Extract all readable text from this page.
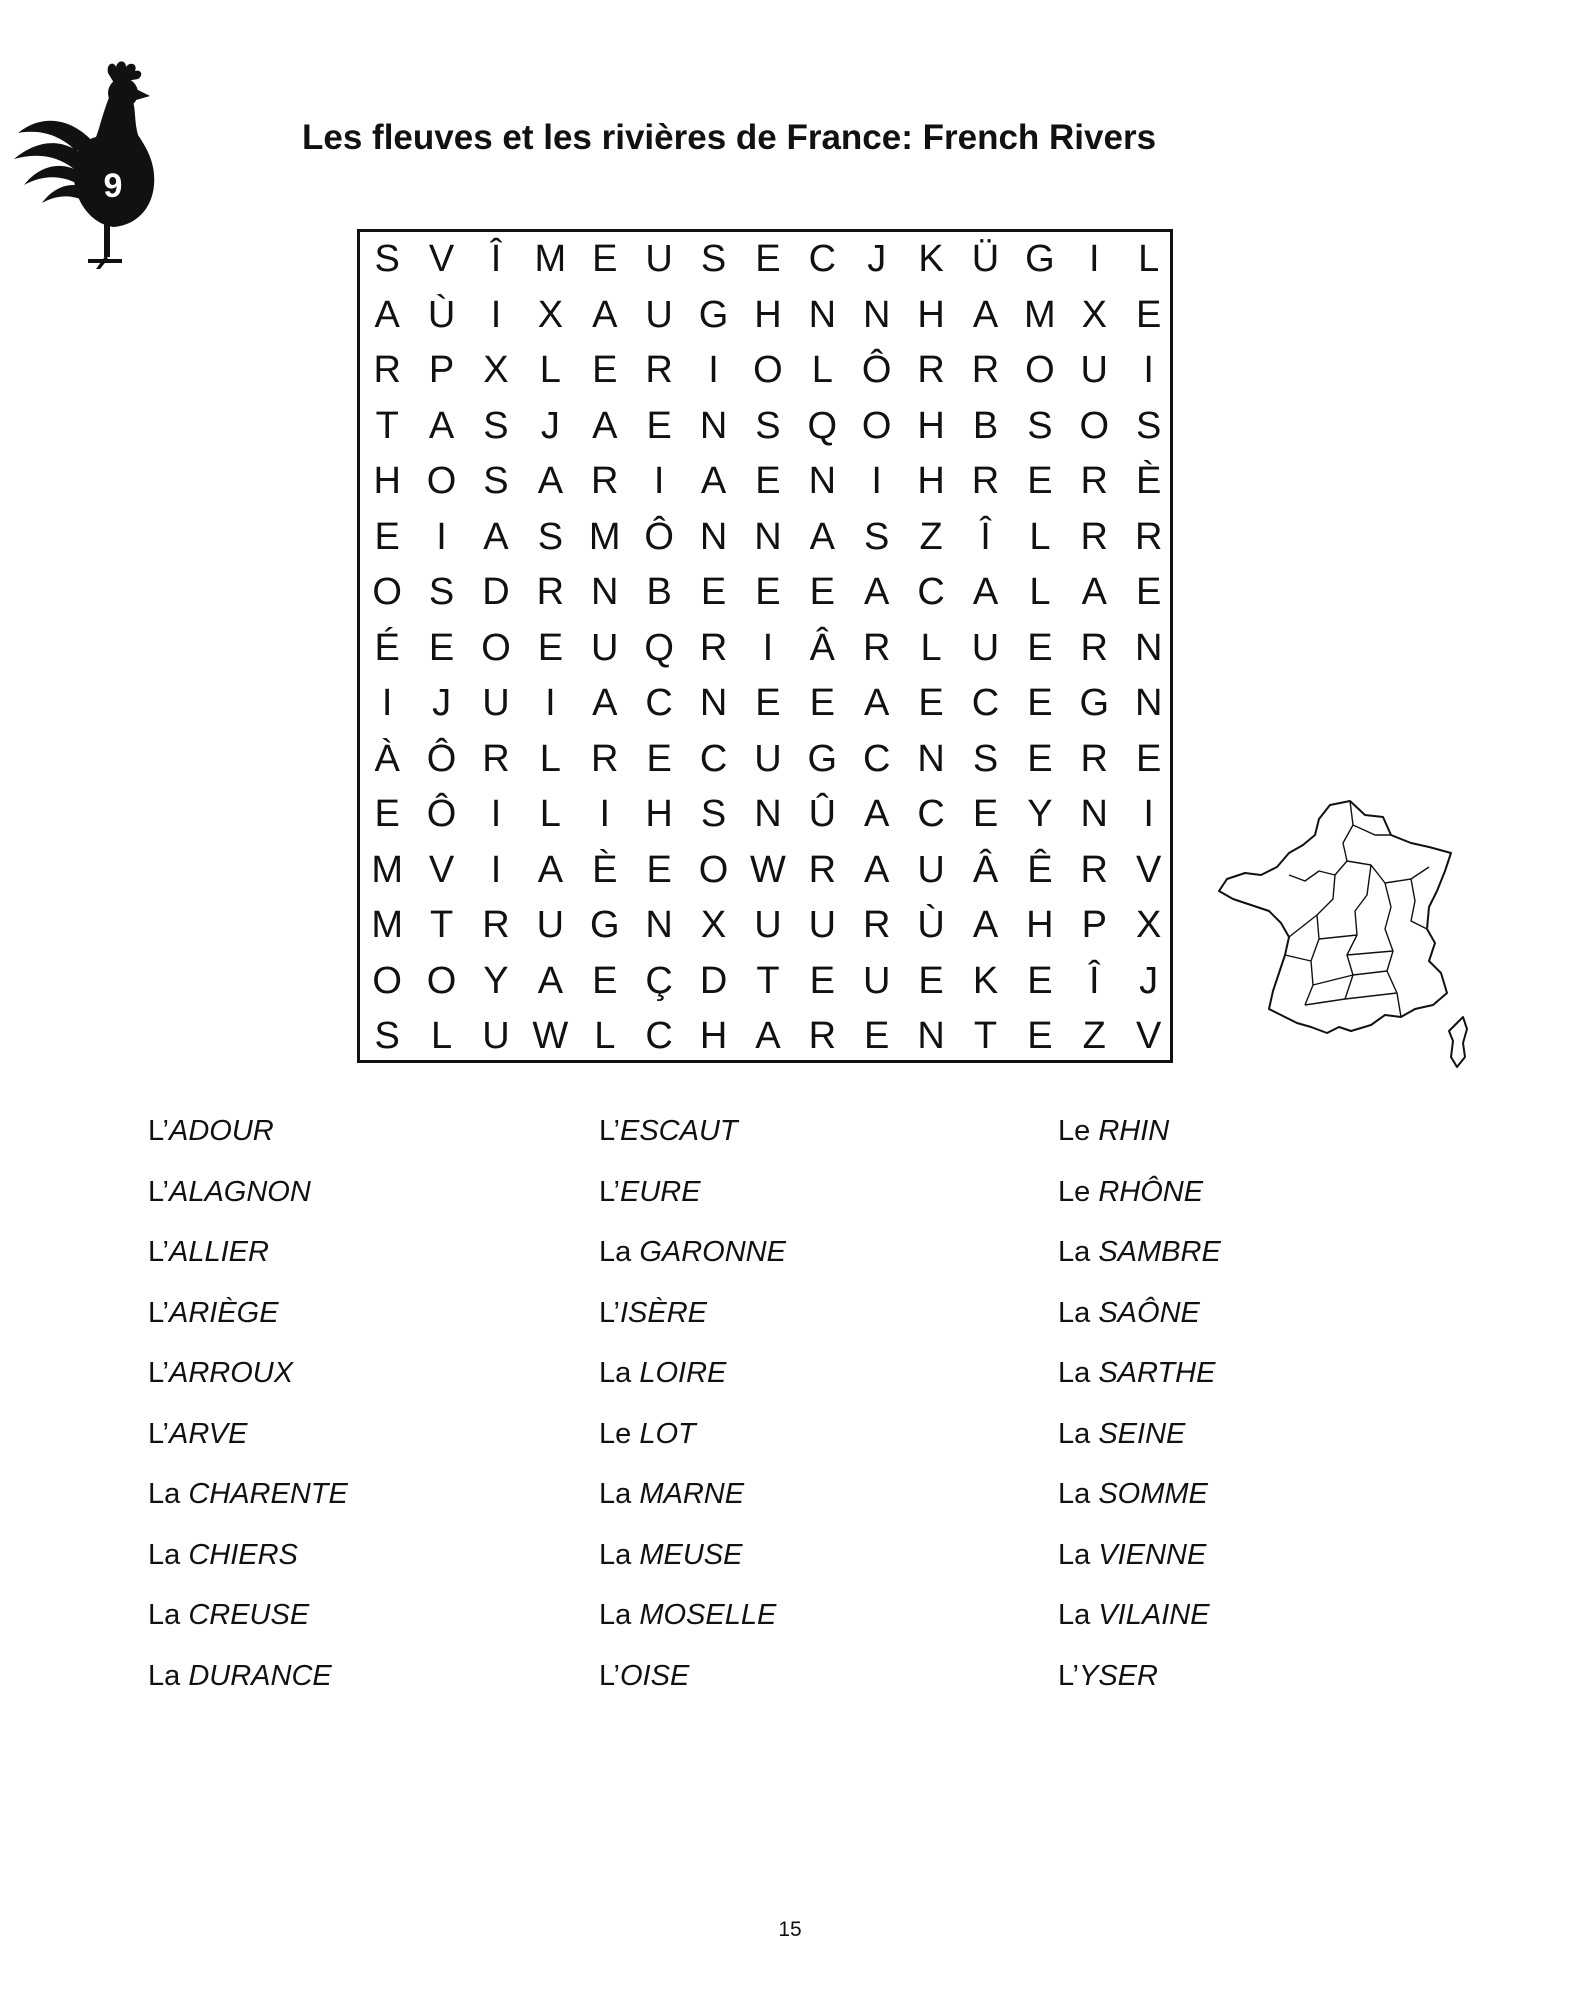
9
Les fleuves et les rivières de France: French Rivers
S V Î M E U S E C J K Ü G I	L
A Ù I X A U G H N N H A M X E
R P X L E R I O L Ô R R O U I
T A S J A E N S Q O H B S O S
H O S A R I A E N I H R E R È
E I A S M Ô N N A S Z Î	L R R
O S D R N B E E E A C A L A E
É E O E U Q R I Â R L U E R N
I	J U I A C N E E A E C E G N
À Ô R L R E C U G C N S E R E
E Ô I	L	I H S N Û A C E Y N I
M V I A È E O W R A U Â Ê R V
M T R U G N X U U R Ù A H P X
O O Y A E Ç D T E U E K E Î	J
S L U W L C H A R E N T E Z V
L’ADOUR
L’ALAGNON
L’ALLIER
L’ARIÈGE
L’ARROUX
L’ARVE
La CHARENTE
La CHIERS
La CREUSE
La DURANCE
L’ESCAUT
L’EURE
La GARONNE
L’ISÈRE
La LOIRE
Le LOT
La MARNE
La MEUSE
La MOSELLE
L’OISE
Le RHIN
Le RHÔNE
La SAMBRE
La SAÔNE
La SARTHE
La SEINE
La SOMME
La VIENNE
La VILAINE
L’YSER
15
